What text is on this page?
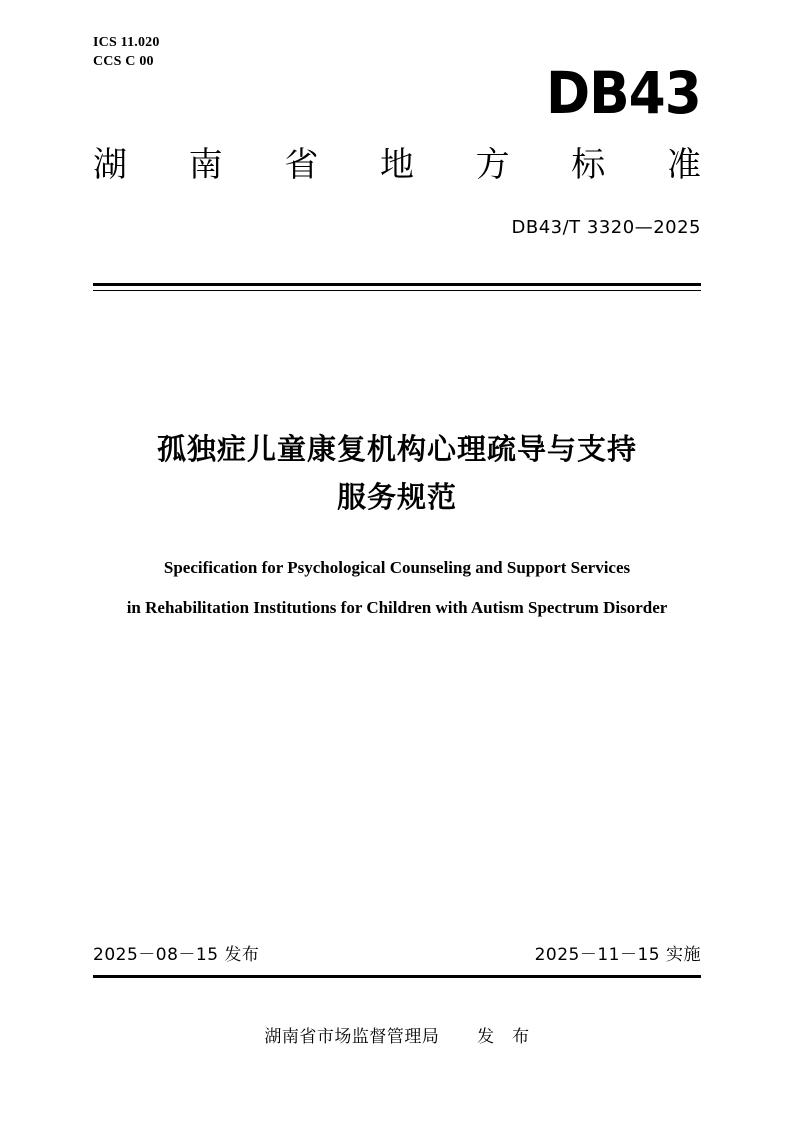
ICS 11.020
CCS C 00	DB43
湖 南 省 地 方 标 准
DB43/T 3320—2025
孤独症儿童康复机构心理疏导与支持
服务规范
Specification for Psychological Counseling and Support Services
in Rehabilitation Institutions for Children with Autism Spectrum Disorder
2025－08－15 发布	2025－11－15 实施
湖南省市场监督管理局 发　布
